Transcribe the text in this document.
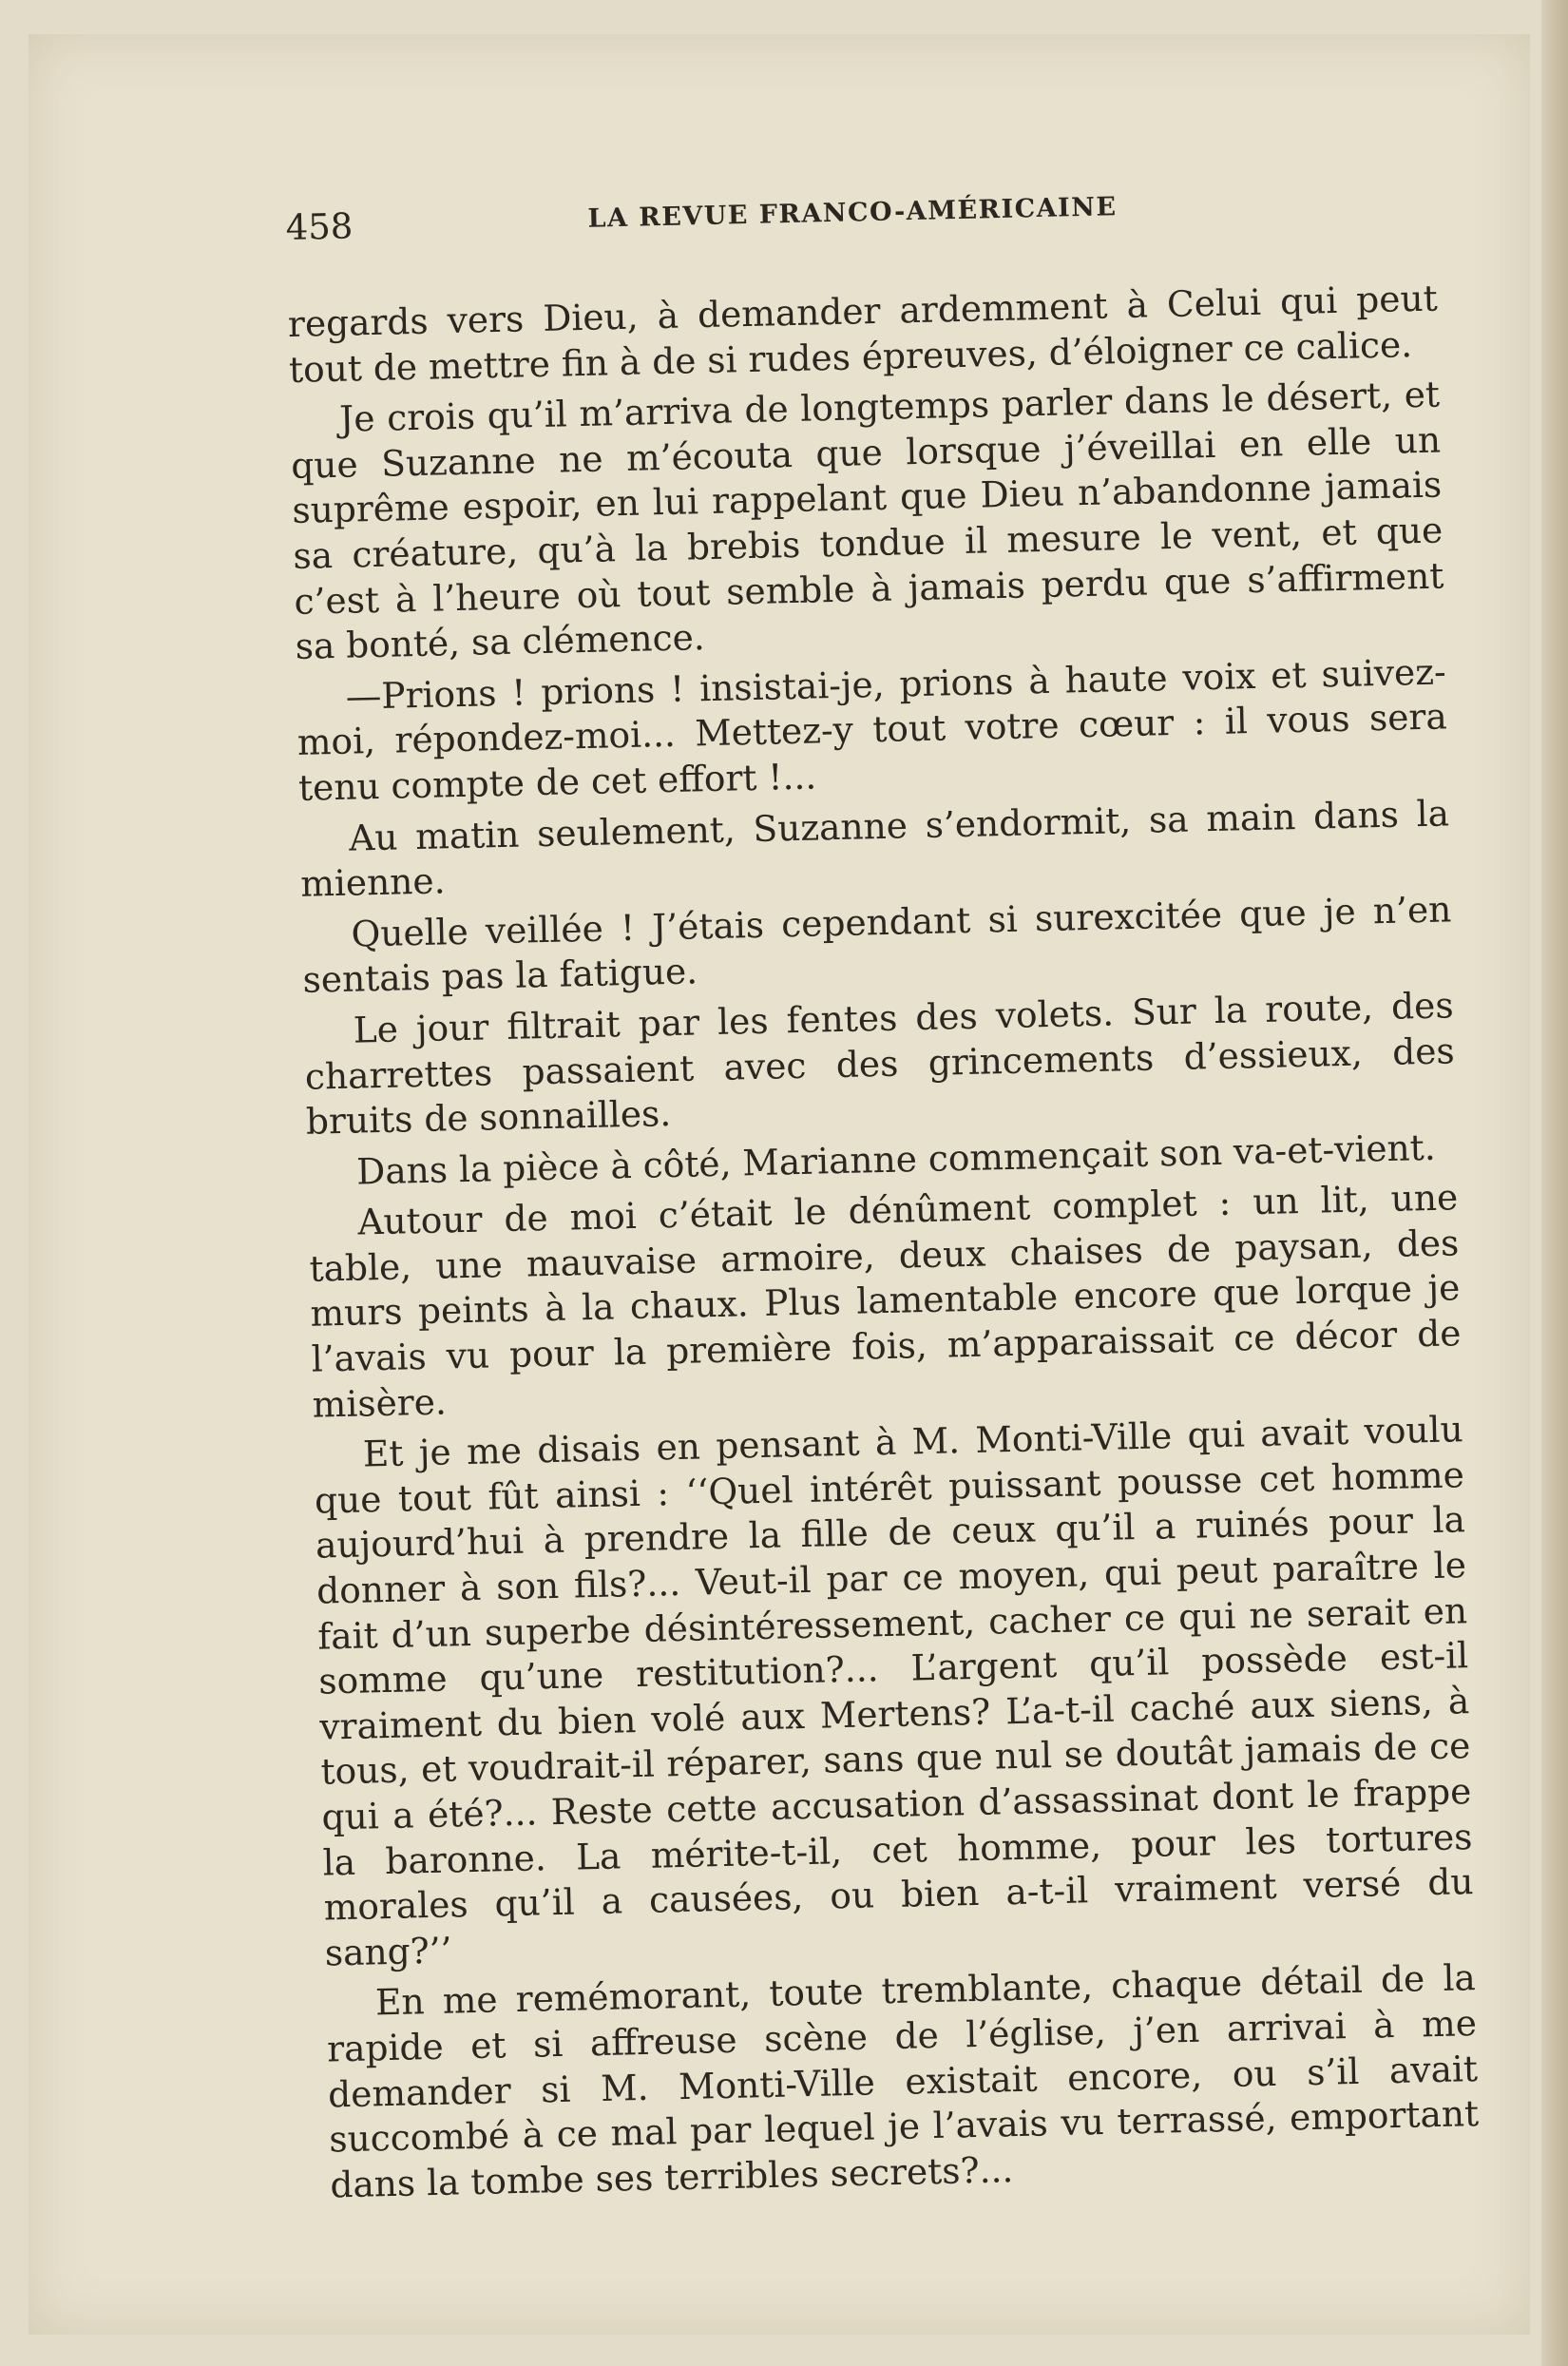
458	LA REVUE FRANCO-AMÉRICAINE

regards vers Dieu, à demander ardemment à Celui qui peut tout de mettre fin à de si rudes épreuves, d’éloigner ce calice.

Je crois qu’il m’arriva de longtemps parler dans le désert, et que Suzanne ne m’écouta que lorsque j’éveillai en elle un suprême espoir, en lui rappelant que Dieu n’abandonne jamais sa créature, qu’à la brebis tondue il mesure le vent, et que c’est à l’heure où tout semble à jamais perdu que s’affirment sa bonté, sa clémence.

—Prions ! prions ! insistai-je, prions à haute voix et suivez-moi, répondez-moi... Mettez-y tout votre cœur : il vous sera tenu compte de cet effort !...

Au matin seulement, Suzanne s’endormit, sa main dans la mienne.

Quelle veillée ! J’étais cependant si surexcitée que je n’en sentais pas la fatigue.

Le jour filtrait par les fentes des volets. Sur la route, des charrettes passaient avec des grincements d’essieux, des bruits de sonnailles.

Dans la pièce à côté, Marianne commençait son va-et-vient.

Autour de moi c’était le dénûment complet : un lit, une table, une mauvaise armoire, deux chaises de paysan, des murs peints à la chaux. Plus lamentable encore que lorque je l’avais vu pour la première fois, m’apparaissait ce décor de misère.

Et je me disais en pensant à M. Monti-Ville qui avait voulu que tout fût ainsi : ‘‘Quel intérêt puissant pousse cet homme aujourd’hui à prendre la fille de ceux qu’il a ruinés pour la donner à son fils?... Veut-il par ce moyen, qui peut paraître le fait d’un superbe désintéressement, cacher ce qui ne serait en somme qu’une restitution?... L’argent qu’il possède est-il vraiment du bien volé aux Mertens? L’a-t-il caché aux siens, à tous, et voudrait-il réparer, sans que nul se doutât jamais de ce qui a été?... Reste cette accusation d’assassinat dont le frappe la baronne. La mérite-t-il, cet homme, pour les tortures morales qu’il a causées, ou bien a-t-il vraiment versé du sang?’’

En me remémorant, toute tremblante, chaque détail de la rapide et si affreuse scène de l’église, j’en arrivai à me demander si M. Monti-Ville existait encore, ou s’il avait succombé à ce mal par lequel je l’avais vu terrassé, emportant dans la tombe ses terribles secrets?...
